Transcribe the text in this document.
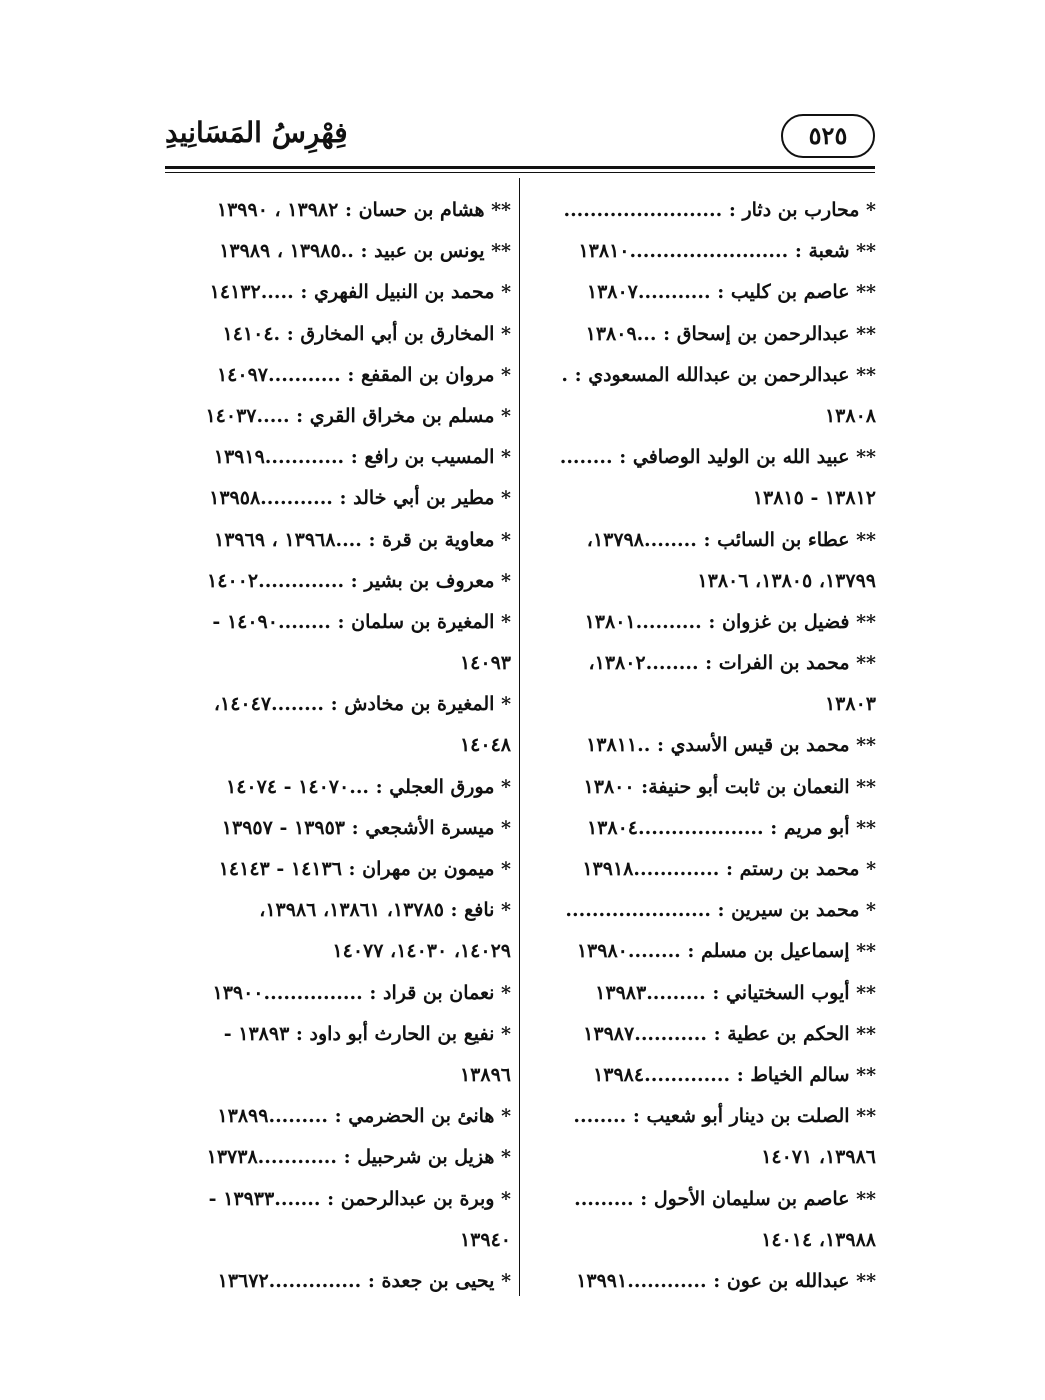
فِهْرِسُ المَسَانِيدِ	٥٢٥
* محارب بن دثار : ........................
** شعبة : ........................١٣٨١٠
** عاصم بن كليب : ...........١٣٨٠٧
** عبدالرحمن بن إسحاق : ...١٣٨٠٩
** عبدالرحمن بن عبدالله المسعودي : .
١٣٨٠٨
** عبيد الله بن الوليد الوصافي : ........
١٣٨١٢ - ١٣٨١٥
** عطاء بن السائب : ........١٣٧٩٨،
١٣٧٩٩، ١٣٨٠٥، ١٣٨٠٦
** فضيل بن غزوان : ..........١٣٨٠١
** محمد بن الفرات : ........١٣٨٠٢،
١٣٨٠٣
** محمد بن قيس الأسدي : ..١٣٨١١
** النعمان بن ثابت أبو حنيفة: ١٣٨٠٠
** أبو مريم : ...................١٣٨٠٤
* محمد بن رستم : .............١٣٩١٨
* محمد بن سيرين : ......................
** إسماعيل بن مسلم : ........١٣٩٨٠
** أيوب السختياني : .........١٣٩٨٣
** الحكم بن عطية : ...........١٣٩٨٧
** سالم الخياط : .............١٣٩٨٤
** الصلت بن دينار أبو شعيب : ........
١٣٩٨٦، ١٤٠٧١
** عاصم بن سليمان الأحول : .........
١٣٩٨٨، ١٤٠١٤
** عبدالله بن عون : ............١٣٩٩١
** هشام بن حسان : ١٣٩٨٢ ، ١٣٩٩٠
** يونس بن عبيد : ..١٣٩٨٥ ، ١٣٩٨٩
* محمد بن النبيل الفهري : .....١٤١٣٢
* المخارق بن أبي المخارق : .١٤١٠٤
* مروان بن المقفع : ...........١٤٠٩٧
* مسلم بن مخراق القري : .....١٤٠٣٧
* المسيب بن رافع : ............١٣٩١٩
* مطير بن أبي خالد : ...........١٣٩٥٨
* معاوية بن قرة : ....١٣٩٦٨ ، ١٣٩٦٩
* معروف بن بشير : .............١٤٠٠٢
* المغيرة بن سلمان : ........١٤٠٩٠ -
١٤٠٩٣
* المغيرة بن مخادش : ........١٤٠٤٧،
١٤٠٤٨
* مورق العجلي : ...١٤٠٧٠ - ١٤٠٧٤
* ميسرة الأشجعي : ١٣٩٥٣ - ١٣٩٥٧
* ميمون بن مهران : ١٤١٣٦ - ١٤١٤٣
* نافع : ١٣٧٨٥، ١٣٨٦١، ١٣٩٨٦،
١٤٠٢٩، ١٤٠٣٠، ١٤٠٧٧
* نعمان بن قراد : ...............١٣٩٠٠
* نفيع بن الحارث أبو داود : ١٣٨٩٣ -
١٣٨٩٦
* هانئ بن الحضرمي : .........١٣٨٩٩
* هزيل بن شرحبيل : ............١٣٧٣٨
* وبرة بن عبدالرحمن : .......١٣٩٣٣ -
١٣٩٤٠
* يحيى بن جعدة : ..............١٣٦٧٢
